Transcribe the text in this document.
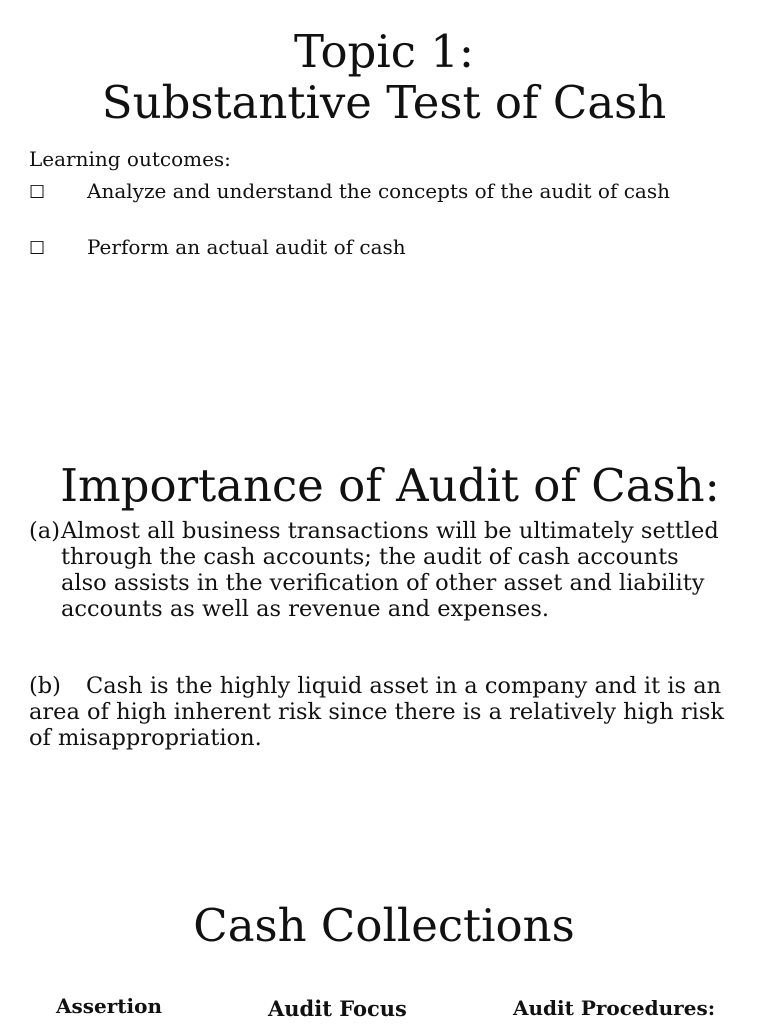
Topic 1:
Substantive Test of Cash
Learning outcomes:
☐ Analyze and understand the concepts of the audit of cash
☐ Perform an actual audit of cash
Importance of Audit of Cash:
(a) Almost all business transactions will be ultimately settled through the cash accounts; the audit of cash accounts also assists in the verification of other asset and liability accounts as well as revenue and expenses.
(b) Cash is the highly liquid asset in a company and it is an area of high inherent risk since there is a relatively high risk of misappropriation.
Cash Collections
Assertion	Audit Focus	Audit Procedures:
